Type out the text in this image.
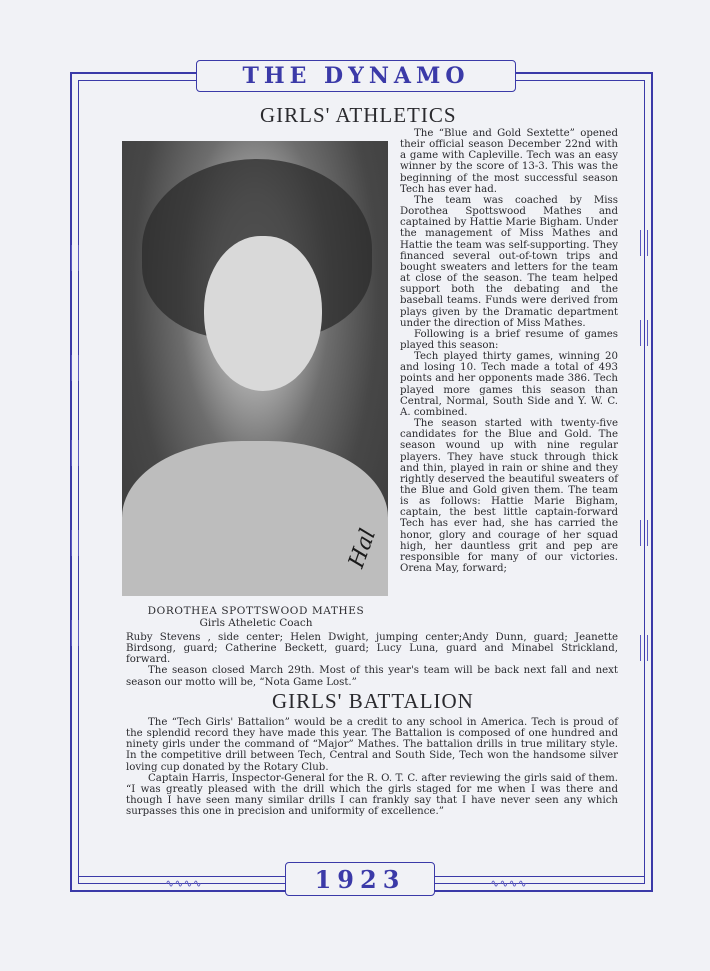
∿∿∿∿	∿∿∿∿
THE DYNAMO
1923
GIRLS' ATHLETICS
Hal
DOROTHEA SPOTTSWOOD MATHES
Girls Atheletic Coach

The “Blue and Gold Sextette” opened their official season December 22nd with a game with Capleville. Tech was an easy winner by the score of 13-3. This was the beginning of the most successful season Tech has ever had.

The team was coached by Miss Dorothea Spottswood Mathes and captained by Hattie Marie Bigham. Under the management of Miss Mathes and Hattie the team was self-supporting. They financed several out-of-town trips and bought sweaters and letters for the team at close of the season. The team helped support both the debating and the baseball teams. Funds were derived from plays given by the Dramatic department under the direction of Miss Mathes.

Following is a brief resume of games played this season:

Tech played thirty games, winning 20 and losing 10. Tech made a total of 493 points and her opponents made 386. Tech played more games this season than Central, Normal, South Side and Y. W. C. A. combined.

The season started with twenty-five candidates for the Blue and Gold. The season wound up with nine regular players. They have stuck through thick and thin, played in rain or shine and they rightly deserved the beautiful sweaters of the Blue and Gold given them. The team is as follows: Hattie Marie Bigham, captain, the best little captain-forward Tech has ever had, she has carried the honor, glory and courage of her squad high, her dauntless grit and pep are responsible for many of our victories. Orena May, forward;

Ruby Stevens , side center; Helen Dwight, jumping center;Andy Dunn, guard; Jeanette Birdsong, guard; Catherine Beckett, guard; Lucy Luna, guard and Minabel Strickland, forward.

The season closed March 29th. Most of this year's team will be back next fall and next season our motto will be, “Nota Game Lost.”

GIRLS' BATTALION

The “Tech Girls' Battalion” would be a credit to any school in America. Tech is proud of the splendid record they have made this year. The Battalion is composed of one hundred and ninety girls under the command of “Major” Mathes. The battalion drills in true military style. In the competitive drill between Tech, Central and South Side, Tech won the handsome silver loving cup donated by the Rotary Club.

Captain Harris, Inspector-General for the R. O. T. C. after reviewing the girls said of them. “I was greatly pleased with the drill which the girls staged for me when I was there and though I have seen many similar drills I can frankly say that I have never seen any which surpasses this one in precision and uniformity of excellence.”
